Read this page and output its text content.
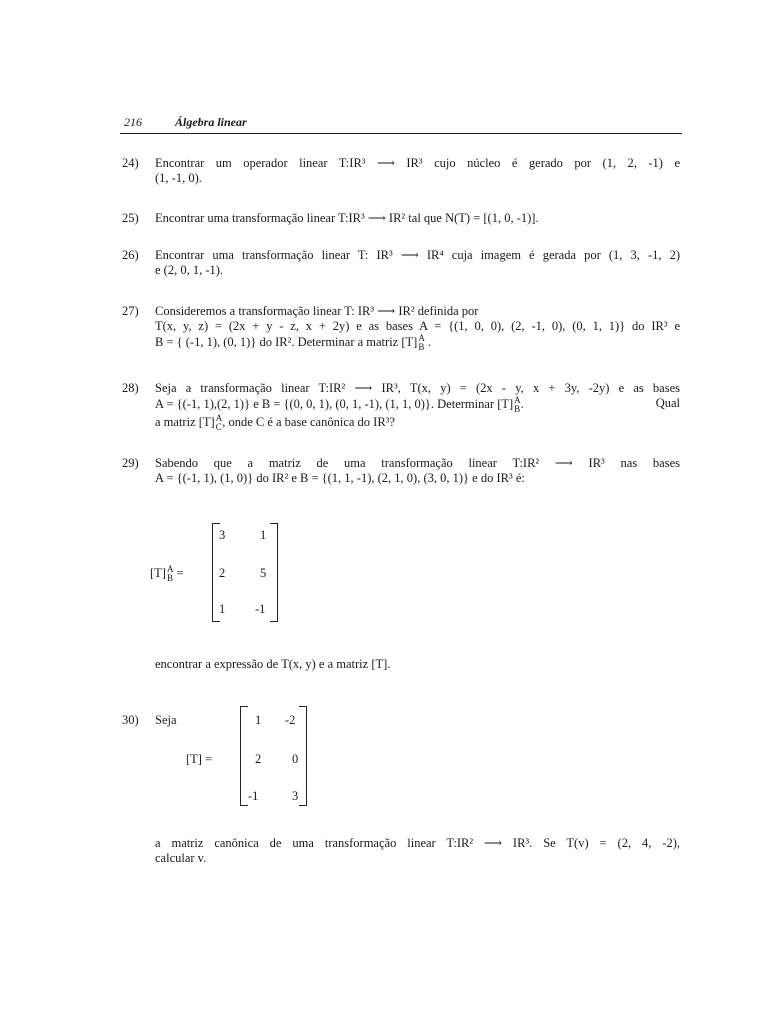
216	Álgebra linear
24) Encontrar um operador linear T:IR³ ⟶ IR³ cujo núcleo é gerado por (1, 2, -1) e
(1, -1, 0).
25) Encontrar uma transformação linear T:IR³ ⟶ IR² tal que N(T) = [(1, 0, -1)].
26) Encontrar uma transformação linear T: IR³ ⟶ IR⁴ cuja imagem é gerada por (1, 3, -1, 2)
e (2, 0, 1, -1).
27) Consideremos a transformação linear T: IR³ ⟶ IR² definida por
T(x, y, z) = (2x + y - z, x + 2y) e as bases A = {(1, 0, 0), (2, -1, 0), (0, 1, 1)} do IR³ e
B = { (-1, 1), (0, 1)} do IR². Determinar a matriz [T] A
B .
28) Seja a transformação linear T:IR² ⟶ IR³, T(x, y) = (2x - y, x + 3y, -2y) e as bases
A = {(-1, 1),(2, 1)} e B = {(0, 0, 1), (0, 1, -1), (1, 1, 0)}. Determinar [T] A
B .	Qual
a matriz [T] A
C , onde C é a base canônica do IR³?
29) Sabendo que a matriz de uma transformação linear T:IR² ⟶ IR³ nas bases
A = {(-1, 1), (1, 0)} do IR² e B = {(1, 1, -1), (2, 1, 0), (3, 0, 1)} e do IR³ é:
[T] A
B =
3	1
2	5
1 -1
encontrar a expressão de T(x, y) e a matriz [T].
30) Seja
[T] =
1 -2
2 0
-1	3
a matriz canônica de uma transformação linear T:IR² ⟶ IR³. Se T(v) = (2, 4, -2),
calcular v.
